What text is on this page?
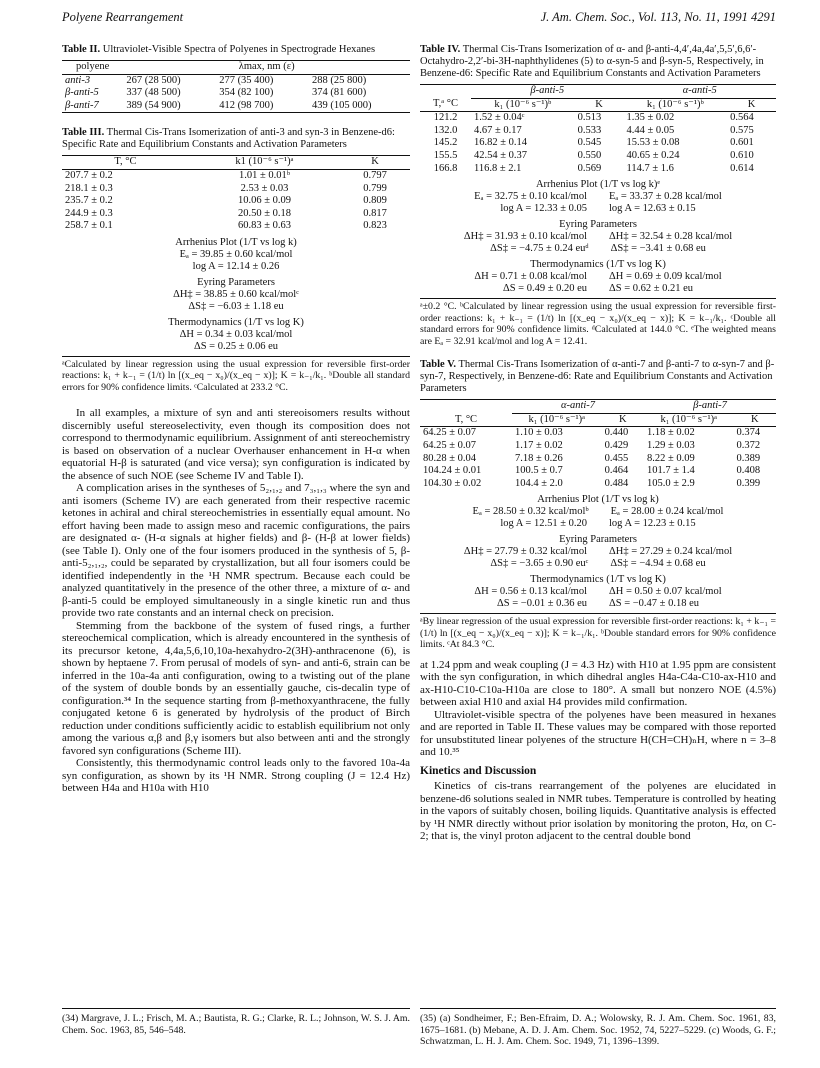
Polyene Rearrangement	J. Am. Chem. Soc., Vol. 113, No. 11, 1991 4291
Table II. Ultraviolet-Visible Spectra of Polyenes in Spectrograde Hexanes
polyene	λmax, nm (ε)		
anti-3	267 (28 500)	277 (35 400)	288 (25 800)
β-anti-5	337 (48 500)	354 (82 100)	374 (81 600)
β-anti-7	389 (54 900)	412 (98 700)	439 (105 000)
Table III. Thermal Cis-Trans Isomerization of anti-3 and syn-3 in Benzene-d6: Specific Rate and Equilibrium Constants and Activation Parameters
T, °C	k1 (10⁻⁶ s⁻¹)ᵃ	K
207.7 ± 0.2	1.01 ± 0.01ᵇ	0.797
218.1 ± 0.3	2.53 ± 0.03	0.799
235.7 ± 0.2	10.06 ± 0.09	0.809
244.9 ± 0.3	20.50 ± 0.18	0.817
258.7 ± 0.1	60.83 ± 0.63	0.823
Arrhenius Plot (1/T vs log k)
Eₐ = 39.85 ± 0.60 kcal/mol
log A = 12.14 ± 0.26
Eyring Parameters
ΔH‡ = 38.85 ± 0.60 kcal/molᶜ
ΔS‡ = −6.03 ± 1.18 eu
Thermodynamics (1/T vs log K)
ΔH = 0.34 ± 0.03 kcal/mol
ΔS = 0.25 ± 0.06 eu
ᵃCalculated by linear regression using the usual expression for reversible first-order reactions: k₁ + k₋₁ = (1/t) ln [(x_eq − x₀)/(x_eq − x)]; K = k₋₁/k₁. ᵇDouble all standard errors for 90% confidence limits. ᶜCalculated at 233.2 °C.

In all examples, a mixture of syn and anti stereoisomers results without discernibly useful stereoselectivity, even though its composition does not correspond to thermodynamic equilibrium. Assignment of anti stereochemistry is based on observation of a nuclear Overhauser enhancement in H-α when equatorial H-β is saturated (and vice versa); syn configuration is indicated by the absence of such NOE (see Scheme IV and Table I).

A complication arises in the syntheses of 5₂,₁,₂ and 7₃,₁,₃ where the syn and anti isomers (Scheme IV) are each generated from their respective racemic ketones in achiral and chiral stereochemistries in essentially equal amount. No effort having been made to assign meso and racemic configurations, the pairs are designated α- (H-α signals at higher fields) and β- (H-β at lower fields) (see Table I). Only one of the four isomers produced in the synthesis of 5, β-anti-5₂,₁,₂, could be separated by crystallization, but all four isomers could be identified independently in the ¹H NMR spectrum. Because each could be analyzed quantitatively in the presence of the other three, a mixture of α- and β-anti-5 could be employed simultaneously in a single kinetic run and thus provide two rate constants and an internal check on precision.

Stemming from the backbone of the system of fused rings, a further stereochemical complication, which is already encountered in the synthesis of its precursor ketone, 4,4a,5,6,10,10a-hexahydro-2(3H)-anthracenone (6), is shown by heptaene 7. From perusal of models of syn- and anti-6, strain can be inferred in the 10a-4a anti configuration, owing to a twisting out of the plane of the system of double bonds by an essentially gauche, cis-decalin type of configuration.³⁴ In the sequence starting from β-methoxyanthracene, the fully conjugated ketone 6 is generated by hydrolysis of the product of Birch reduction under conditions sufficiently acidic to establish equilibrium not only among the various α,β and β,γ isomers but also between anti and the strongly favored syn configurations (Scheme III).

Consistently, this thermodynamic control leads only to the favored 10a-4a syn configuration, as shown by its ¹H NMR. Strong coupling (J = 12.4 Hz) between H4a and H10a with H10

(34) Margrave, J. L.; Frisch, M. A.; Bautista, R. G.; Clarke, R. L.; Johnson, W. S. J. Am. Chem. Soc. 1963, 85, 546–548.
Table IV. Thermal Cis-Trans Isomerization of α- and β-anti-4,4′,4a,4a′,5,5′,6,6′-Octahydro-2,2′-bi-3H-naphthylidenes (5) to α-syn-5 and β-syn-5, Respectively, in Benzene-d6: Specific Rate and Equilibrium Constants and Activation Parameters
	β-anti-5		α-anti-5	
T,ᵃ °C	k₁ (10⁻⁶ s⁻¹)ᵇ	K	k₁ (10⁻⁶ s⁻¹)ᵇ	K
121.2	1.52 ± 0.04ᶜ	0.513	1.35 ± 0.02	0.564
132.0	4.67 ± 0.17	0.533	4.44 ± 0.05	0.575
145.2	16.82 ± 0.14	0.545	15.53 ± 0.08	0.601
155.5	42.54 ± 0.37	0.550	40.65 ± 0.24	0.610
166.8	116.8 ± 2.1	0.569	114.7 ± 1.6	0.614
Arrhenius Plot (1/T vs log k)ᵉ
Eₐ = 32.75 ± 0.10 kcal/mol Eₐ = 33.37 ± 0.28 kcal/mol
log A = 12.33 ± 0.05 log A = 12.63 ± 0.15
Eyring Parameters
ΔH‡ = 31.93 ± 0.10 kcal/mol ΔH‡ = 32.54 ± 0.28 kcal/mol
ΔS‡ = −4.75 ± 0.24 euᵈ ΔS‡ = −3.41 ± 0.68 eu
Thermodynamics (1/T vs log K)
ΔH = 0.71 ± 0.08 kcal/mol ΔH = 0.69 ± 0.09 kcal/mol
ΔS = 0.49 ± 0.20 eu ΔS = 0.62 ± 0.21 eu
ᵃ±0.2 °C. ᵇCalculated by linear regression using the usual expression for reversible first-order reactions: k₁ + k₋₁ = (1/t) ln [(x_eq − x₀)/(x_eq − x)]; K = k₋₁/k₁. ᶜDouble all standard errors for 90% confidence limits. ᵈCalculated at 144.0 °C. ᵉThe weighted means are Eₐ = 32.91 kcal/mol and log A = 12.41.
Table V. Thermal Cis-Trans Isomerization of α-anti-7 and β-anti-7 to α-syn-7 and β-syn-7, Respectively, in Benzene-d6: Rate and Equilibrium Constants and Activation Parameters
	α-anti-7		β-anti-7	
T, °C	k₁ (10⁻⁶ s⁻¹)ᵃ	K	k₁ (10⁻⁶ s⁻¹)ᵃ	K
64.25 ± 0.07	1.10 ± 0.03	0.440	1.18 ± 0.02	0.374
64.25 ± 0.07	1.17 ± 0.02	0.429	1.29 ± 0.03	0.372
80.28 ± 0.04	7.18 ± 0.26	0.455	8.22 ± 0.09	0.389
104.24 ± 0.01	100.5 ± 0.7	0.464	101.7 ± 1.4	0.408
104.30 ± 0.02	104.4 ± 2.0	0.484	105.0 ± 2.9	0.399
Arrhenius Plot (1/T vs log k)
Eₐ = 28.50 ± 0.32 kcal/molᵇ Eₐ = 28.00 ± 0.24 kcal/mol
log A = 12.51 ± 0.20 log A = 12.23 ± 0.15
Eyring Parameters
ΔH‡ = 27.79 ± 0.32 kcal/mol ΔH‡ = 27.29 ± 0.24 kcal/mol
ΔS‡ = −3.65 ± 0.90 euᶜ ΔS‡ = −4.94 ± 0.68 eu
Thermodynamics (1/T vs log K)
ΔH = 0.56 ± 0.13 kcal/mol ΔH = 0.50 ± 0.07 kcal/mol
ΔS = −0.01 ± 0.36 eu ΔS = −0.47 ± 0.18 eu
ᵃBy linear regression of the usual expression for reversible first-order reactions: k₁ + k₋₁ = (1/t) ln [(x_eq − x₀)/(x_eq − x)]; K = k₋₁/k₁. ᵇDouble standard errors for 90% confidence limits. ᶜAt 84.3 °C.

at 1.24 ppm and weak coupling (J = 4.3 Hz) with H10 at 1.95 ppm are consistent with the syn configuration, in which dihedral angles H4a-C4a-C10-ax-H10 and ax-H10-C10-C10a-H10a are close to 180°. A small but nonzero NOE (4.5%) between axial H10 and axial H4 provides mild confirmation.

Ultraviolet-visible spectra of the polyenes have been measured in hexanes and are reported in Table II. These values may be compared with those reported for unsubstituted linear polyenes of the structure H(CH=CH)ₙH, where n = 3–8 and 10.³⁵

Kinetics and Discussion

Kinetics of cis-trans rearrangement of the polyenes are elucidated in benzene-d6 solutions sealed in NMR tubes. Temperature is controlled by heating in the vapors of suitably chosen, boiling liquids. Quantitative analysis is effected by ¹H NMR directly without prior isolation by monitoring the proton, Hα, on C-2; that is, the vinyl proton adjacent to the central double bond

(35) (a) Sondheimer, F.; Ben-Efraim, D. A.; Wolowsky, R. J. Am. Chem. Soc. 1961, 83, 1675–1681. (b) Mebane, A. D. J. Am. Chem. Soc. 1952, 74, 5227–5229. (c) Woods, G. F.; Schwatzman, L. H. J. Am. Chem. Soc. 1949, 71, 1396–1399.
